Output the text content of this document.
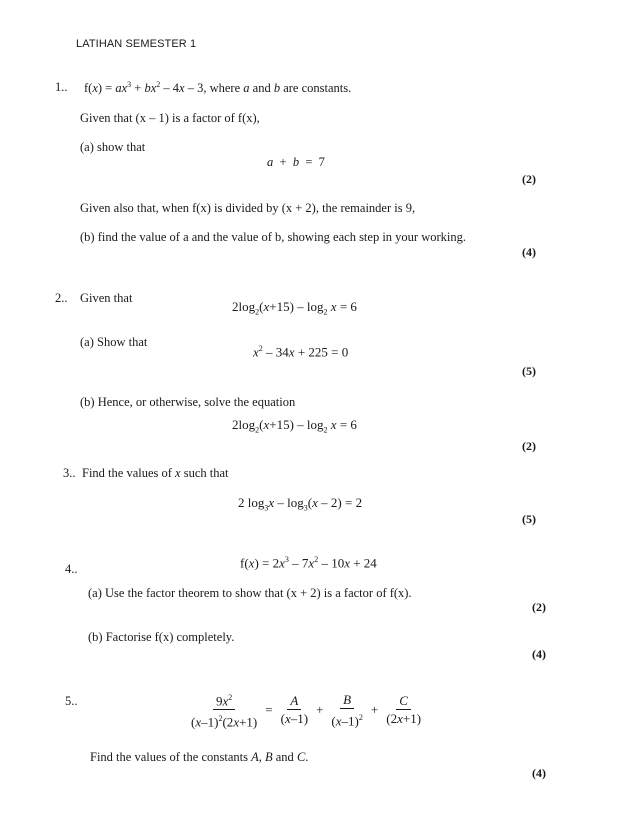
LATIHAN SEMESTER 1
1.. $f(x) = ax^3 + bx^2 - 4x - 3$, where a and b are constants.
Given that (x – 1) is a factor of f(x),
(a) show that
a  +  b  =  7
(2)
Given also that, when f(x) is divided by (x + 2), the remainder is 9,
(b) find the value of a and the value of b, showing each step in your working.
(4)
2.. Given that
$2\log_2(x+15) - \log_2 x = 6$
(a) Show that
$x^2 - 34x + 225 = 0$
(5)
(b) Hence, or otherwise, solve the equation
$2\log_2(x+15) - \log_2 x = 6$
(2)
3.. Find the values of x such that
2 $\log_3x - \log_3(x - 2) = 2$
(5)
4..	$f(x) = 2x^3 - 7x^2 - 10x + 24$
(a) Use the factor theorem to show that (x + 2) is a factor of f(x).
(2)
(b) Factorise f(x) completely.
(4)
5..	$\frac{9x^2}{(x-1)^2(2x+1)} = \frac{A}{(x-1)} + \frac{B}{(x-1)^2} + \frac{C}{(2x+1)}$
Find the values of the constants A, B and C.
(4)
